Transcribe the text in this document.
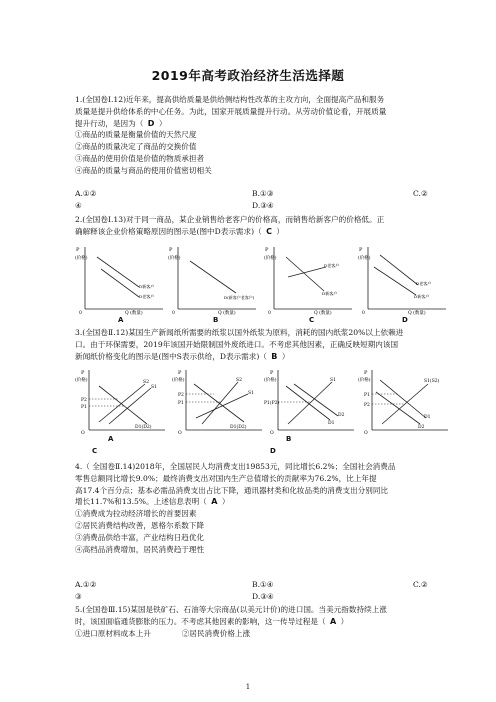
2019年高考政治经济生活选择题
1.(全国卷Ⅰ.12)近年来，提高供给质量是供给侧结构性改革的主攻方向，全面提高产品和服务
质量是提升供给体系的中心任务。为此，国家开展质量提升行动。从劳动价值论看，开展质量
提升行动，是因为（ D ）
①商品的质量是衡量价值的天然尺度
②商品的质量决定了商品的交换价值
③商品的使用价值是价值的物质承担者
④商品的质量与商品的使用价值密切相关
A.①②	B.①③	C.②
④	D.③④
2.(全国卷Ⅰ.13)对于同一商品，某企业销售给老客户的价格高，而销售给新客户的价格低。正
确解释该企业价格策略原因的图示是(图中D表示需求)（ C ）
P
(价格)
0	Q (数量)
D新客户
D老客户
P
(价格)
0	Q (数量)
D(新客户老客户)
P
(价格)
0	Q (数量)
D老客户
D新客户
P
(价格)
0	Q (数量)
D老客户
D新客户
A	B	C	D
3.(全国卷Ⅱ.12)某国生产新闻纸所需要的纸浆以国外纸浆为原料，消耗的国内纸浆20%以上依赖进
口。由于环保需要，2019年该国开始限制国外废纸进口。不考虑其他因素，正确反映短期内该国
新闻纸价格变化的图示是(图中S表示供给，D表示需求)（ B ）
P
(价格)
O
P2
P1
S2
S1
D1(D2)
P
(价格)
O
P2
P1
S2
S1
D1(D2)
P
(价格)
O
P1(P2)
S1
D1
D2
P
(价格)
O
P1
P2
S1(S2)
D1
D2
A	B
C	D
4.（ 全国卷Ⅱ.14)2018年，全国居民人均消费支出19853元，同比增长6.2%；全国社会消费品
零售总额同比增长9.0%；最终消费支出对国内生产总值增长的贡献率为76.2%，比上年提
高17.4个百分点；基本必需品消费支出占比下降，通讯器材类和化妆品类的消费支出分别同比
增长11.7%和13.5%。上述信息表明（ A ）
①消费成为拉动经济增长的首要因素
②居民消费结构改善，恩格尔系数下降
③消费品供给丰富，产业结构日趋优化
④高档品消费增加，居民消费趋于理性
A.①②	B.①④	C.②
③	D.③④
5.(全国卷Ⅲ.15)某国是铁矿石、石油等大宗商品(以美元计价)的进口国。当美元指数持续上涨
时，该国面临通货膨胀的压力。不考虑其他因素的影响，这一传导过程是（ A ）
①进口原材料成本上升	②居民消费价格上涨
1
